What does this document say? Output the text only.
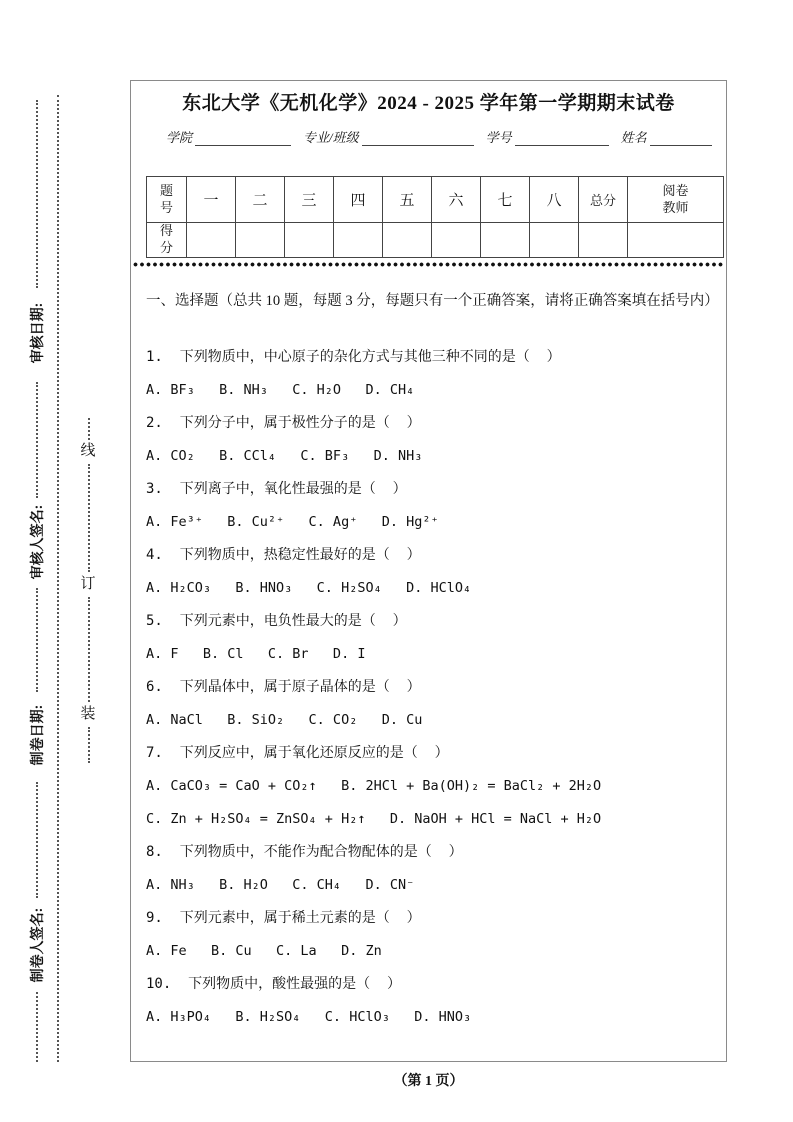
审核日期:
审核人签名:
制卷日期:
制卷人签名:
线
订
装
东北大学《无机化学》2024 - 2025 学年第一学期期末试卷
学院	专业/班级	学号	姓名
题号	一	二	三	四	五	六	七	八	总分	阅卷教师
得分										
一、选择题（总共 10 题，每题 3 分，每题只有一个正确答案，请将正确答案填在括号内）
1.  下列物质中，中心原子的杂化方式与其他三种不同的是（  ）
A. BF₃   B. NH₃   C. H₂O   D. CH₄
2.  下列分子中，属于极性分子的是（  ）
A. CO₂   B. CCl₄   C. BF₃   D. NH₃
3.  下列离子中，氧化性最强的是（  ）
A. Fe³⁺   B. Cu²⁺   C. Ag⁺   D. Hg²⁺
4.  下列物质中，热稳定性最好的是（  ）
A. H₂CO₃   B. HNO₃   C. H₂SO₄   D. HClO₄
5.  下列元素中，电负性最大的是（  ）
A. F   B. Cl   C. Br   D. I
6.  下列晶体中，属于原子晶体的是（  ）
A. NaCl   B. SiO₂   C. CO₂   D. Cu
7.  下列反应中，属于氧化还原反应的是（  ）
A. CaCO₃ = CaO + CO₂↑   B. 2HCl + Ba(OH)₂ = BaCl₂ + 2H₂O
C. Zn + H₂SO₄ = ZnSO₄ + H₂↑   D. NaOH + HCl = NaCl + H₂O
8.  下列物质中，不能作为配合物配体的是（  ）
A. NH₃   B. H₂O   C. CH₄   D. CN⁻
9.  下列元素中，属于稀土元素的是（  ）
A. Fe   B. Cu   C. La   D. Zn
10.  下列物质中，酸性最强的是（  ）
A. H₃PO₄   B. H₂SO₄   C. HClO₃   D. HNO₃
（第 1 页）
